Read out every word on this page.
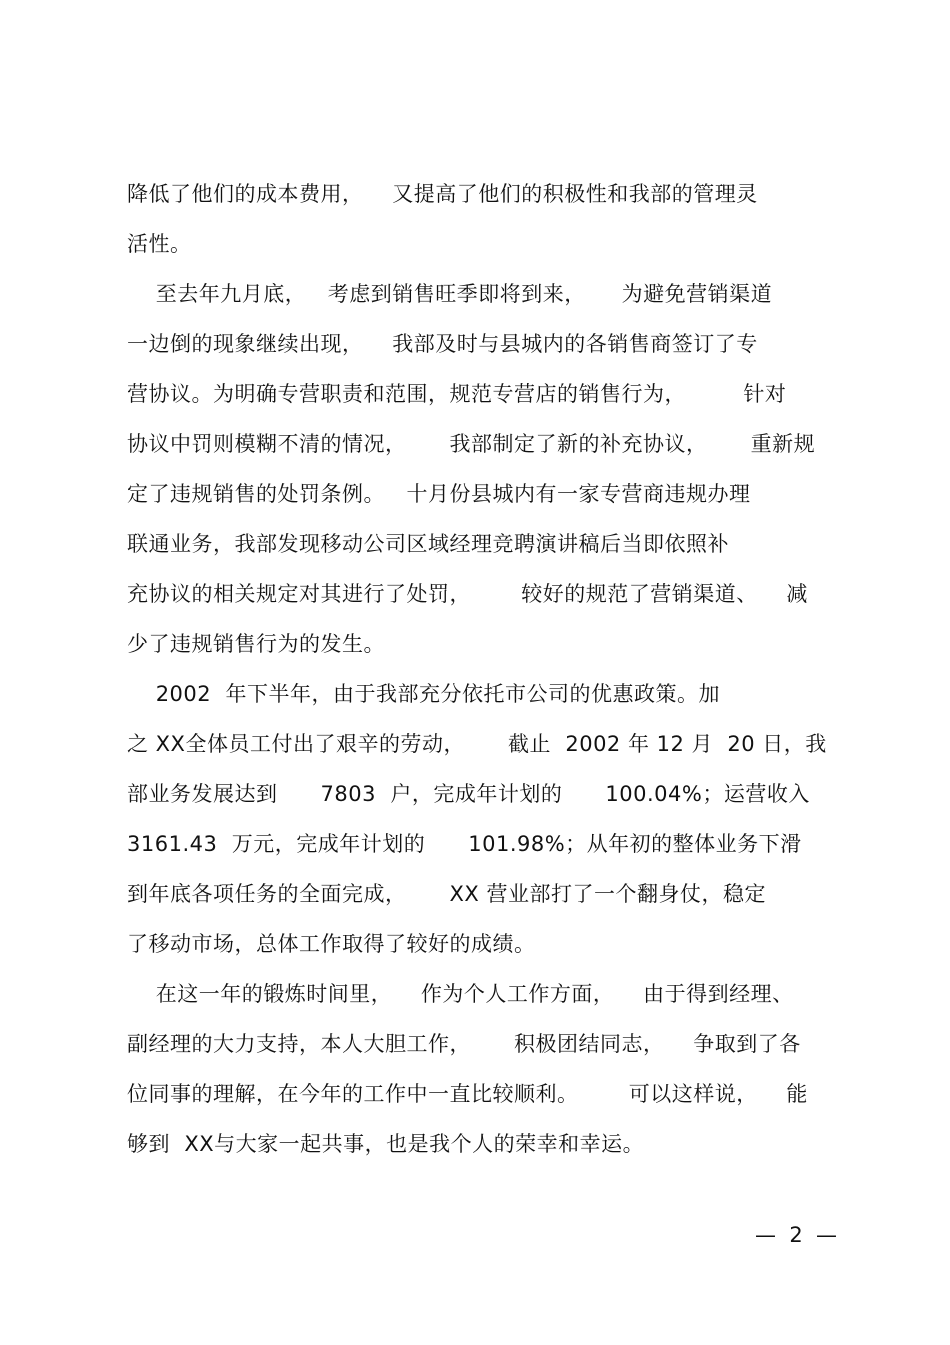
降低了他们的成本费用，    又提高了他们的积极性和我部的管理灵
活性。
至去年九月底，   考虑到销售旺季即将到来，     为避免营销渠道
一边倒的现象继续出现，    我部及时与县城内的各销售商签订了专
营协议。为明确专营职责和范围，规范专营店的销售行为，        针对
协议中罚则模糊不清的情况，      我部制定了新的补充协议，      重新规
定了违规销售的处罚条例。   十月份县城内有一家专营商违规办理
联通业务，我部发现移动公司区域经理竞聘演讲稿后当即依照补
充协议的相关规定对其进行了处罚，       较好的规范了营销渠道、    减
少了违规销售行为的发生。
2002  年下半年，由于我部充分依托市公司的优惠政策。加
之 XX全体员工付出了艰辛的劳动，      截止  2002 年 12 月  20 日，我
部业务发展达到      7803  户，完成年计划的      100.04%；运营收入
3161.43  万元，完成年计划的      101.98%；从年初的整体业务下滑
到年底各项任务的全面完成，      XX 营业部打了一个翻身仗，稳定
了移动市场，总体工作取得了较好的成绩。
在这一年的锻炼时间里，    作为个人工作方面，    由于得到经理、
副经理的大力支持，本人大胆工作，      积极团结同志，    争取到了各
位同事的理解，在今年的工作中一直比较顺利。       可以这样说，    能
够到  XX与大家一起共事，也是我个人的荣幸和幸运。
—  2  —
